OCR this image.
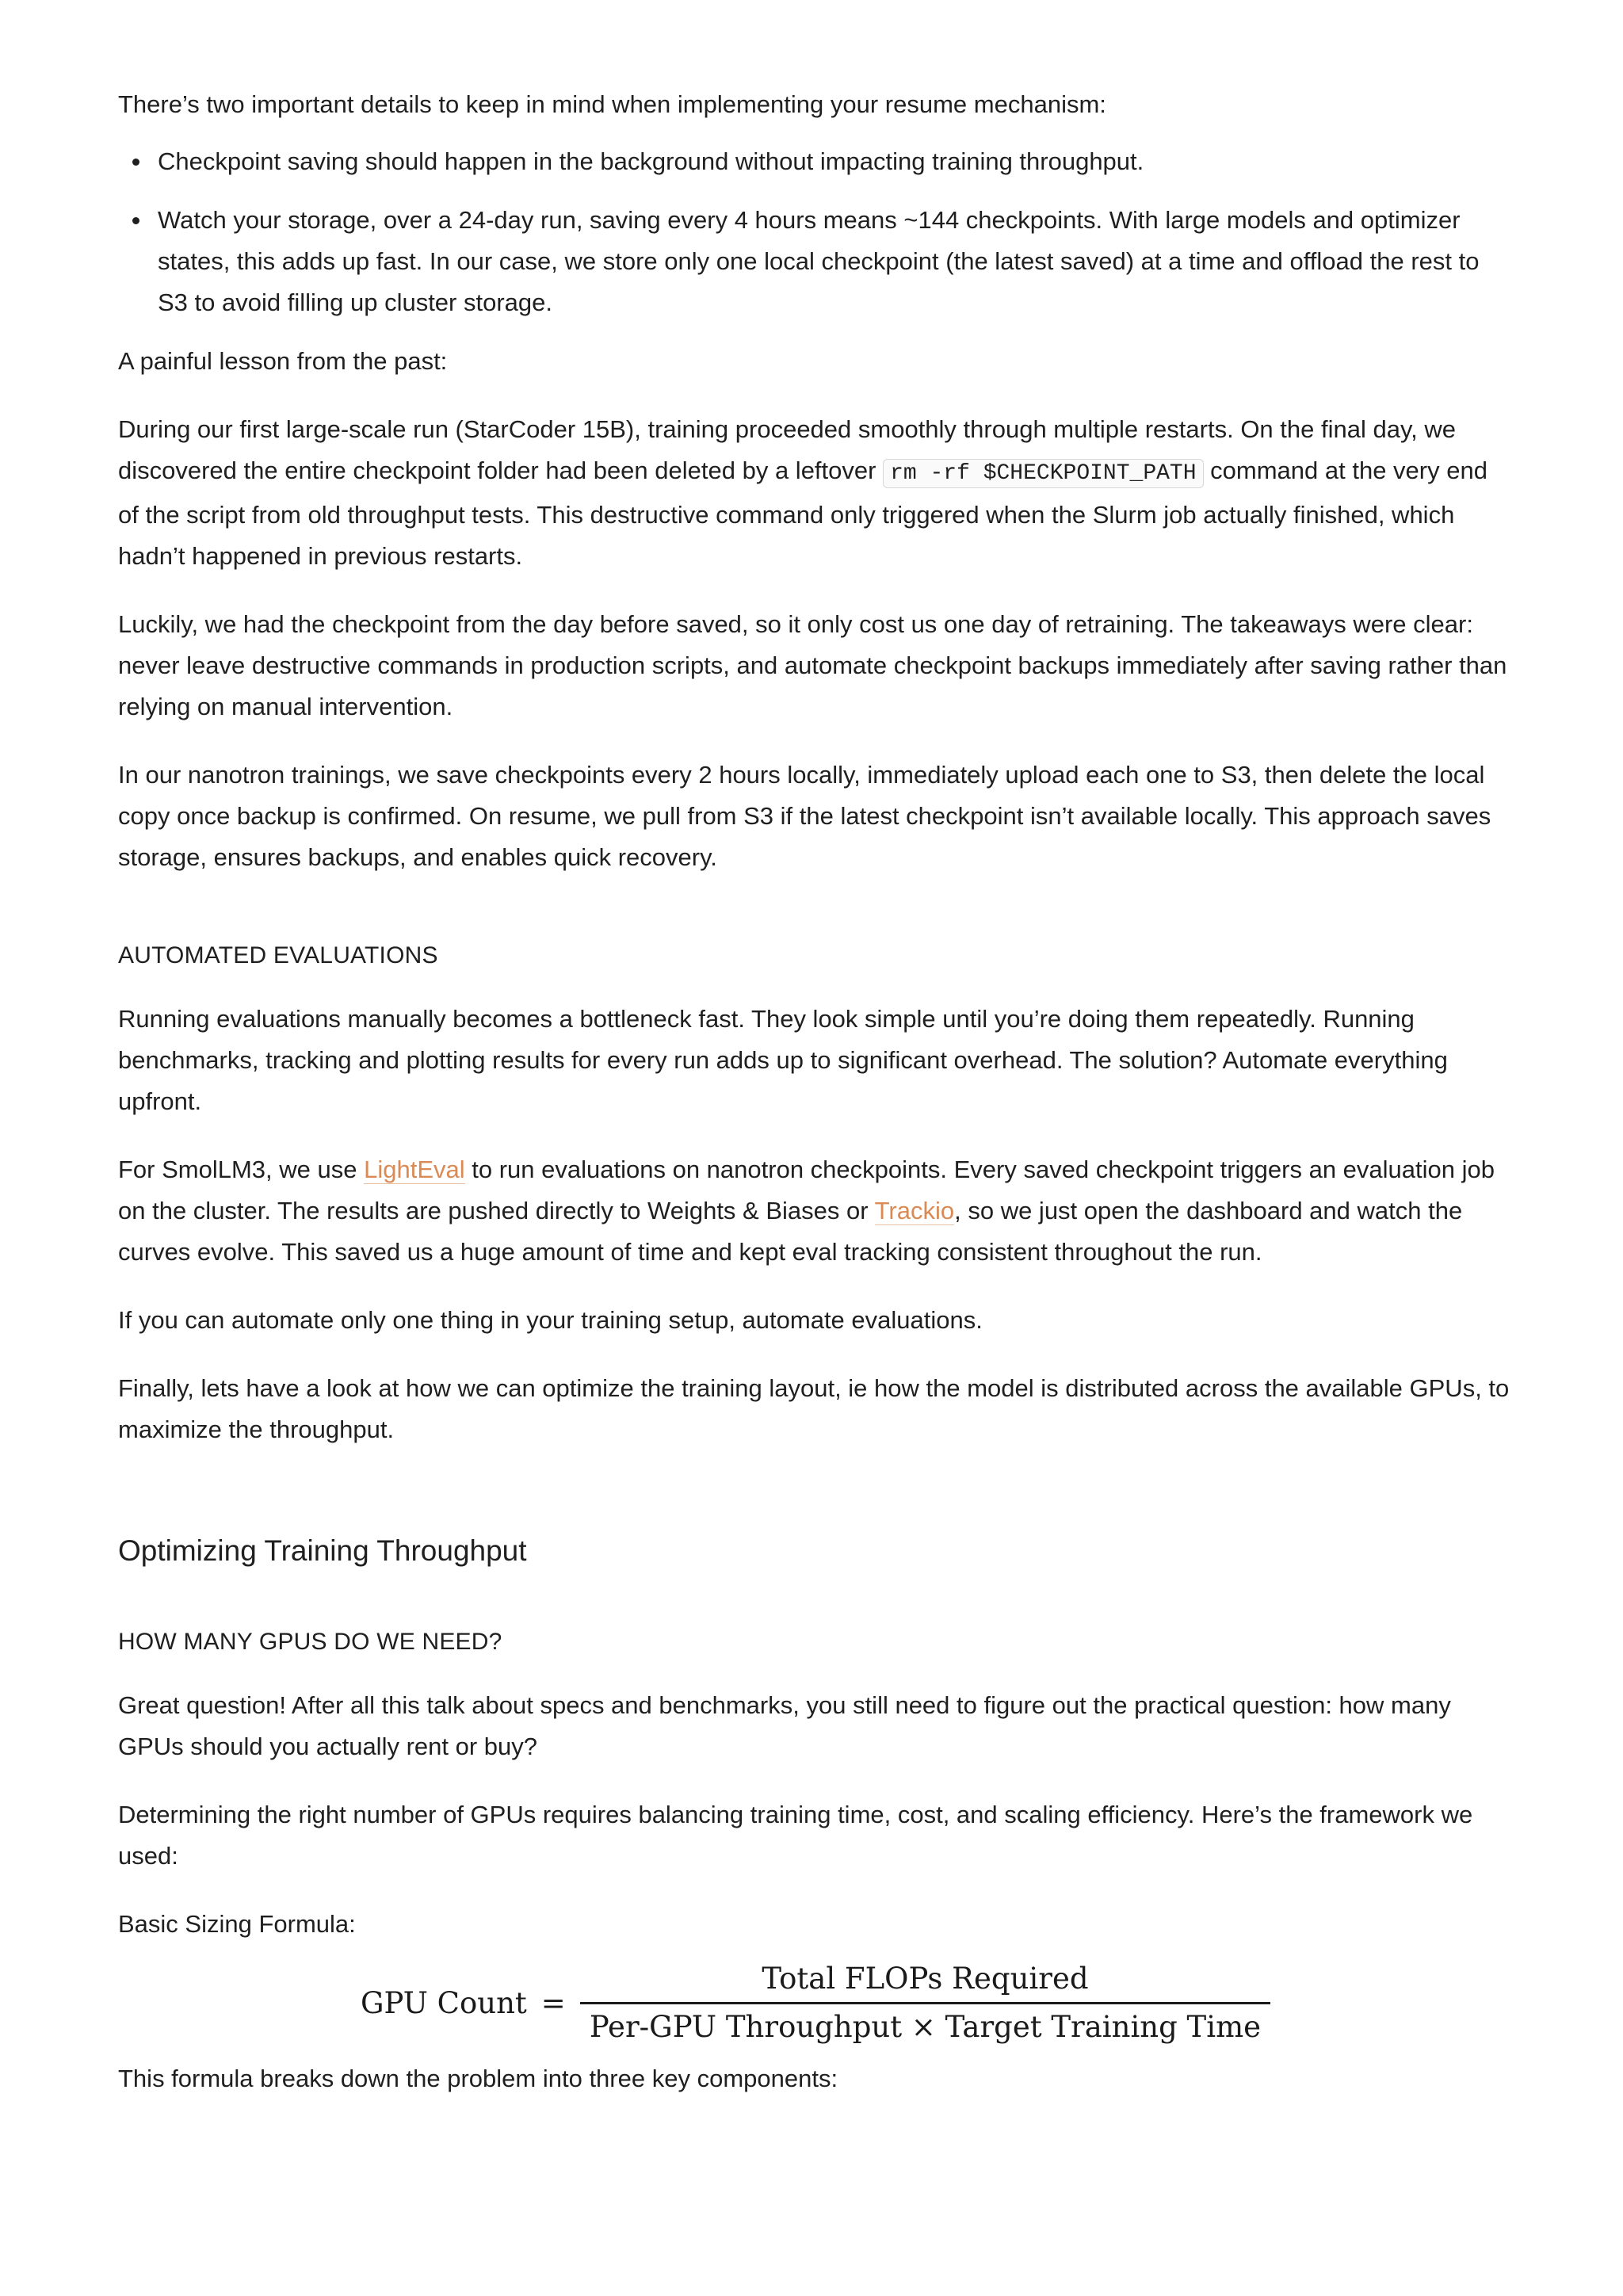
There’s two important details to keep in mind when implementing your resume mechanism:

Checkpoint saving should happen in the background without impacting training throughput.
Watch your storage, over a 24-day run, saving every 4 hours means ~144 checkpoints. With large models and optimizer states, this adds up fast. In our case, we store only one local checkpoint (the latest saved) at a time and offload the rest to S3 to avoid filling up cluster storage.

A painful lesson from the past:

During our first large-scale run (StarCoder 15B), training proceeded smoothly through multiple restarts. On the final day, we discovered the entire checkpoint folder had been deleted by a leftover rm -rf $CHECKPOINT_PATH command at the very end of the script from old throughput tests. This destructive command only triggered when the Slurm job actually finished, which hadn’t happened in previous restarts.

Luckily, we had the checkpoint from the day before saved, so it only cost us one day of retraining. The takeaways were clear: never leave destructive commands in production scripts, and automate checkpoint backups immediately after saving rather than relying on manual intervention.

In our nanotron trainings, we save checkpoints every 2 hours locally, immediately upload each one to S3, then delete the local copy once backup is confirmed. On resume, we pull from S3 if the latest checkpoint isn’t available locally. This approach saves storage, ensures backups, and enables quick recovery.

AUTOMATED EVALUATIONS

Running evaluations manually becomes a bottleneck fast. They look simple until you’re doing them repeatedly. Running benchmarks, tracking and plotting results for every run adds up to significant overhead. The solution? Automate everything upfront.

For SmolLM3, we use LightEval to run evaluations on nanotron checkpoints. Every saved checkpoint triggers an evaluation job on the cluster. The results are pushed directly to Weights & Biases or Trackio, so we just open the dashboard and watch the curves evolve. This saved us a huge amount of time and kept eval tracking consistent throughout the run.

If you can automate only one thing in your training setup, automate evaluations.

Finally, lets have a look at how we can optimize the training layout, ie how the model is distributed across the available GPUs, to maximize the throughput.

Optimizing Training Throughput
HOW MANY GPUS DO WE NEED?

Great question! After all this talk about specs and benchmarks, you still need to figure out the practical question: how many GPUs should you actually rent or buy?

Determining the right number of GPUs requires balancing training time, cost, and scaling efficiency. Here’s the framework we used:

Basic Sizing Formula:

GPU Count = $\frac{\text{Total FLOPs Required}}{\text{Per-GPU Throughput × Target Training Time}}$

This formula breaks down the problem into three key components:
